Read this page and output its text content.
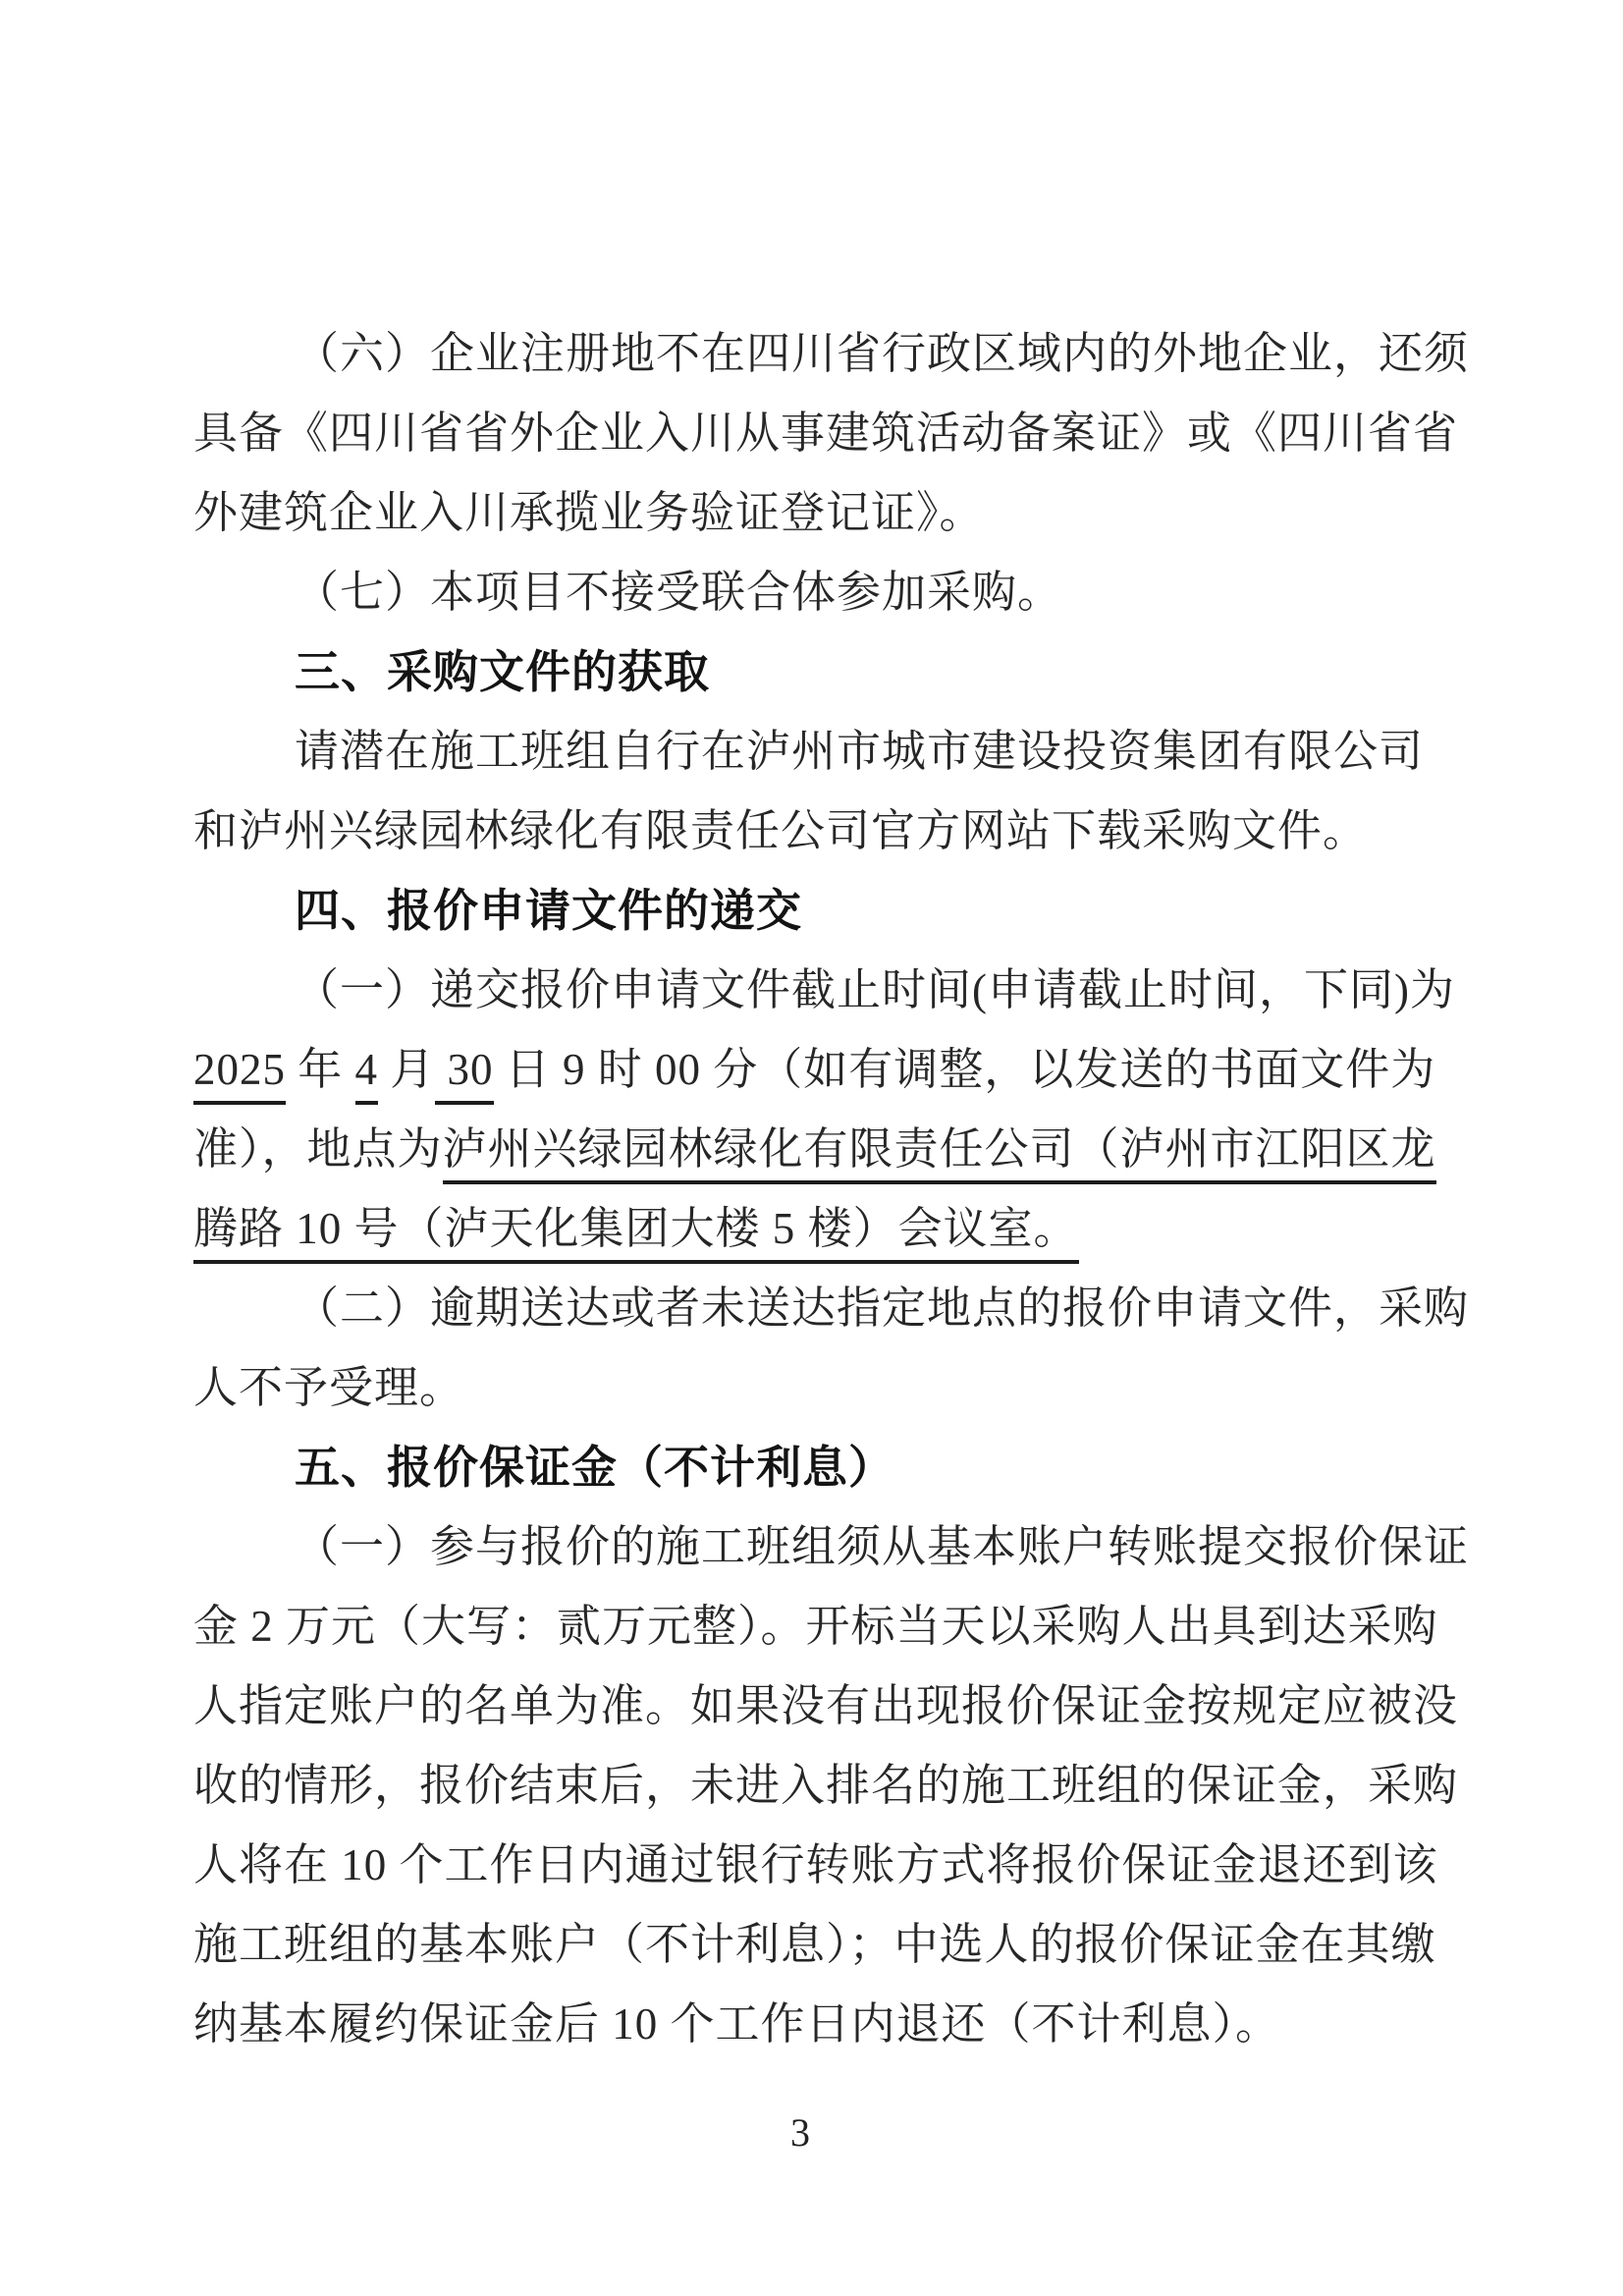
（六）企业注册地不在四川省行政区域内的外地企业，还须
具备《四川省省外企业入川从事建筑活动备案证》或《四川省省
外建筑企业入川承揽业务验证登记证》。
（七）本项目不接受联合体参加采购。
三、采购文件的获取
请潜在施工班组自行在泸州市城市建设投资集团有限公司
和泸州兴绿园林绿化有限责任公司官方网站下载采购文件。
四、报价申请文件的递交
（一）递交报价申请文件截止时间(申请截止时间，下同)为
2025 年 4 月 30 日 9 时 00 分（如有调整，以发送的书面文件为
准），地点为泸州兴绿园林绿化有限责任公司（泸州市江阳区龙
腾路 10 号（泸天化集团大楼 5 楼）会议室。
（二）逾期送达或者未送达指定地点的报价申请文件，采购
人不予受理。
五、报价保证金（不计利息）
（一）参与报价的施工班组须从基本账户转账提交报价保证
金 2 万元（大写：贰万元整）。开标当天以采购人出具到达采购
人指定账户的名单为准。如果没有出现报价保证金按规定应被没
收的情形，报价结束后，未进入排名的施工班组的保证金，采购
人将在 10 个工作日内通过银行转账方式将报价保证金退还到该
施工班组的基本账户（不计利息）；中选人的报价保证金在其缴
纳基本履约保证金后 10 个工作日内退还（不计利息）。
3
